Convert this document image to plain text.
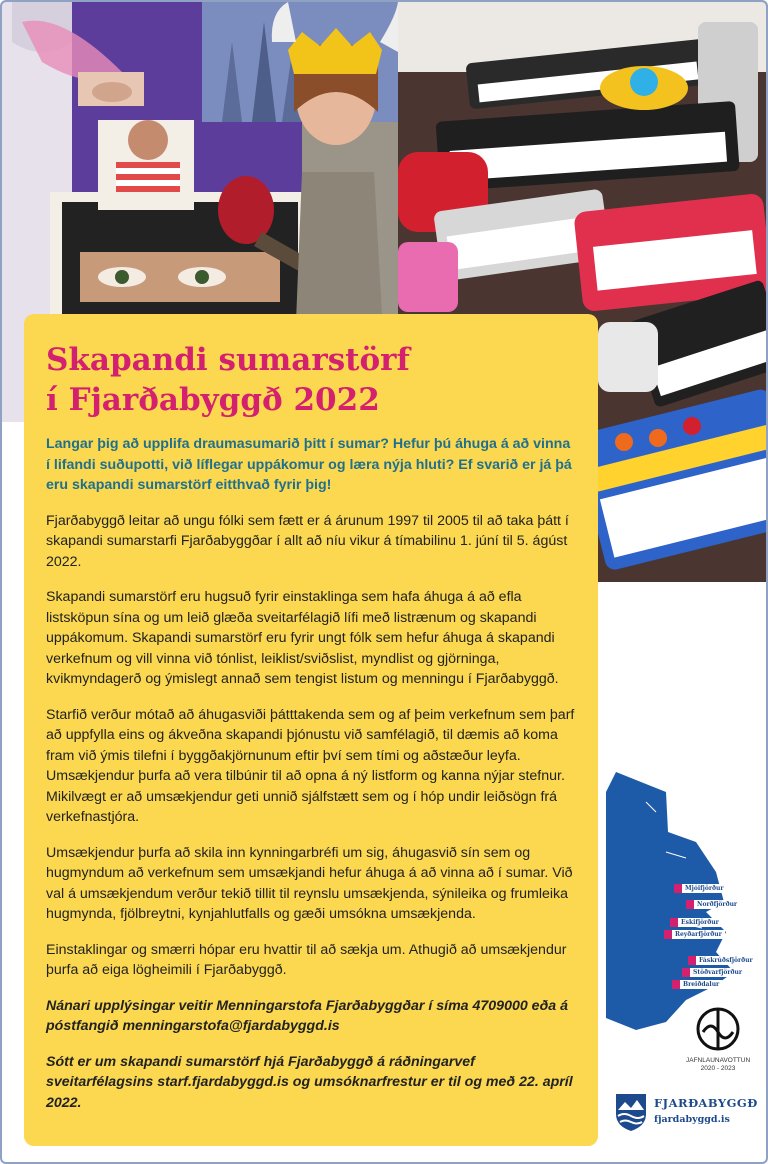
Skapandi sumarstörf
í Fjarðabyggð 2022

Langar þig að upplifa draumasumarið þitt í sumar? Hefur þú áhuga á að vinna í lifandi suðupotti, við líflegar uppákomur og læra nýja hluti? Ef svarið er já þá eru skapandi sumarstörf eitthvað fyrir þig!

Fjarðabyggð leitar að ungu fólki sem fætt er á árunum 1997 til 2005 til að taka þátt í skapandi sumarstarfi Fjarðabyggðar í allt að níu vikur á tímabilinu 1. júní til 5. ágúst 2022.

Skapandi sumarstörf eru hugsuð fyrir einstaklinga sem hafa áhuga á að efla listsköpun sína og um leið glæða sveitarfélagið lífi með listrænum og skapandi uppákomum. Skapandi sumarstörf eru fyrir ungt fólk sem hefur áhuga á skapandi verkefnum og vill vinna við tónlist, leiklist/sviðslist, myndlist og gjörninga, kvikmyndagerð og ýmislegt annað sem tengist listum og menningu í Fjarðabyggð.

Starfið verður mótað að áhugasviði þátttakenda sem og af þeim verkefnum sem þarf að uppfylla eins og ákveðna skapandi þjónustu við samfélagið, til dæmis að koma fram við ýmis tilefni í byggðakjörnunum eftir því sem tími og aðstæður leyfa. Umsækjendur þurfa að vera tilbúnir til að opna á ný listform og kanna nýjar stefnur. Mikilvægt er að umsækjendur geti unnið sjálfstætt sem og í hóp undir leiðsögn frá verkefnastjóra.

Umsækjendur þurfa að skila inn kynningarbréfi um sig, áhugasvið sín sem og hugmyndum að verkefnum sem umsækjandi hefur áhuga á að vinna að í sumar. Við val á umsækjendum verður tekið tillit til reynslu umsækjenda, sýnileika og frumleika hugmynda, fjölbreytni, kynjahlutfalls og gæði umsókna umsækjenda.

Einstaklingar og smærri hópar eru hvattir til að sækja um. Athugið að umsækjendur þurfa að eiga lögheimili í Fjarðabyggð.

Nánari upplýsingar veitir Menningarstofa Fjarðabyggðar í síma 4709000 eða á póstfangið menningarstofa@fjardabyggd.is

Sótt er um skapandi sumarstörf hjá Fjarðabyggð á ráðningarvef sveitarfélagsins starf.fjardabyggd.is og umsóknarfrestur er til og með 22. apríl 2022.

Mjóifjörður
Norðfjörður
Eskifjörður
Reyðarfjörður
Fáskrúðsfjörður
Stöðvarfjörður
Breiðdalur
JAFNLAUNAVOTTUN
2020 - 2023
FJARÐABYGGÐ
fjardabyggd.is
